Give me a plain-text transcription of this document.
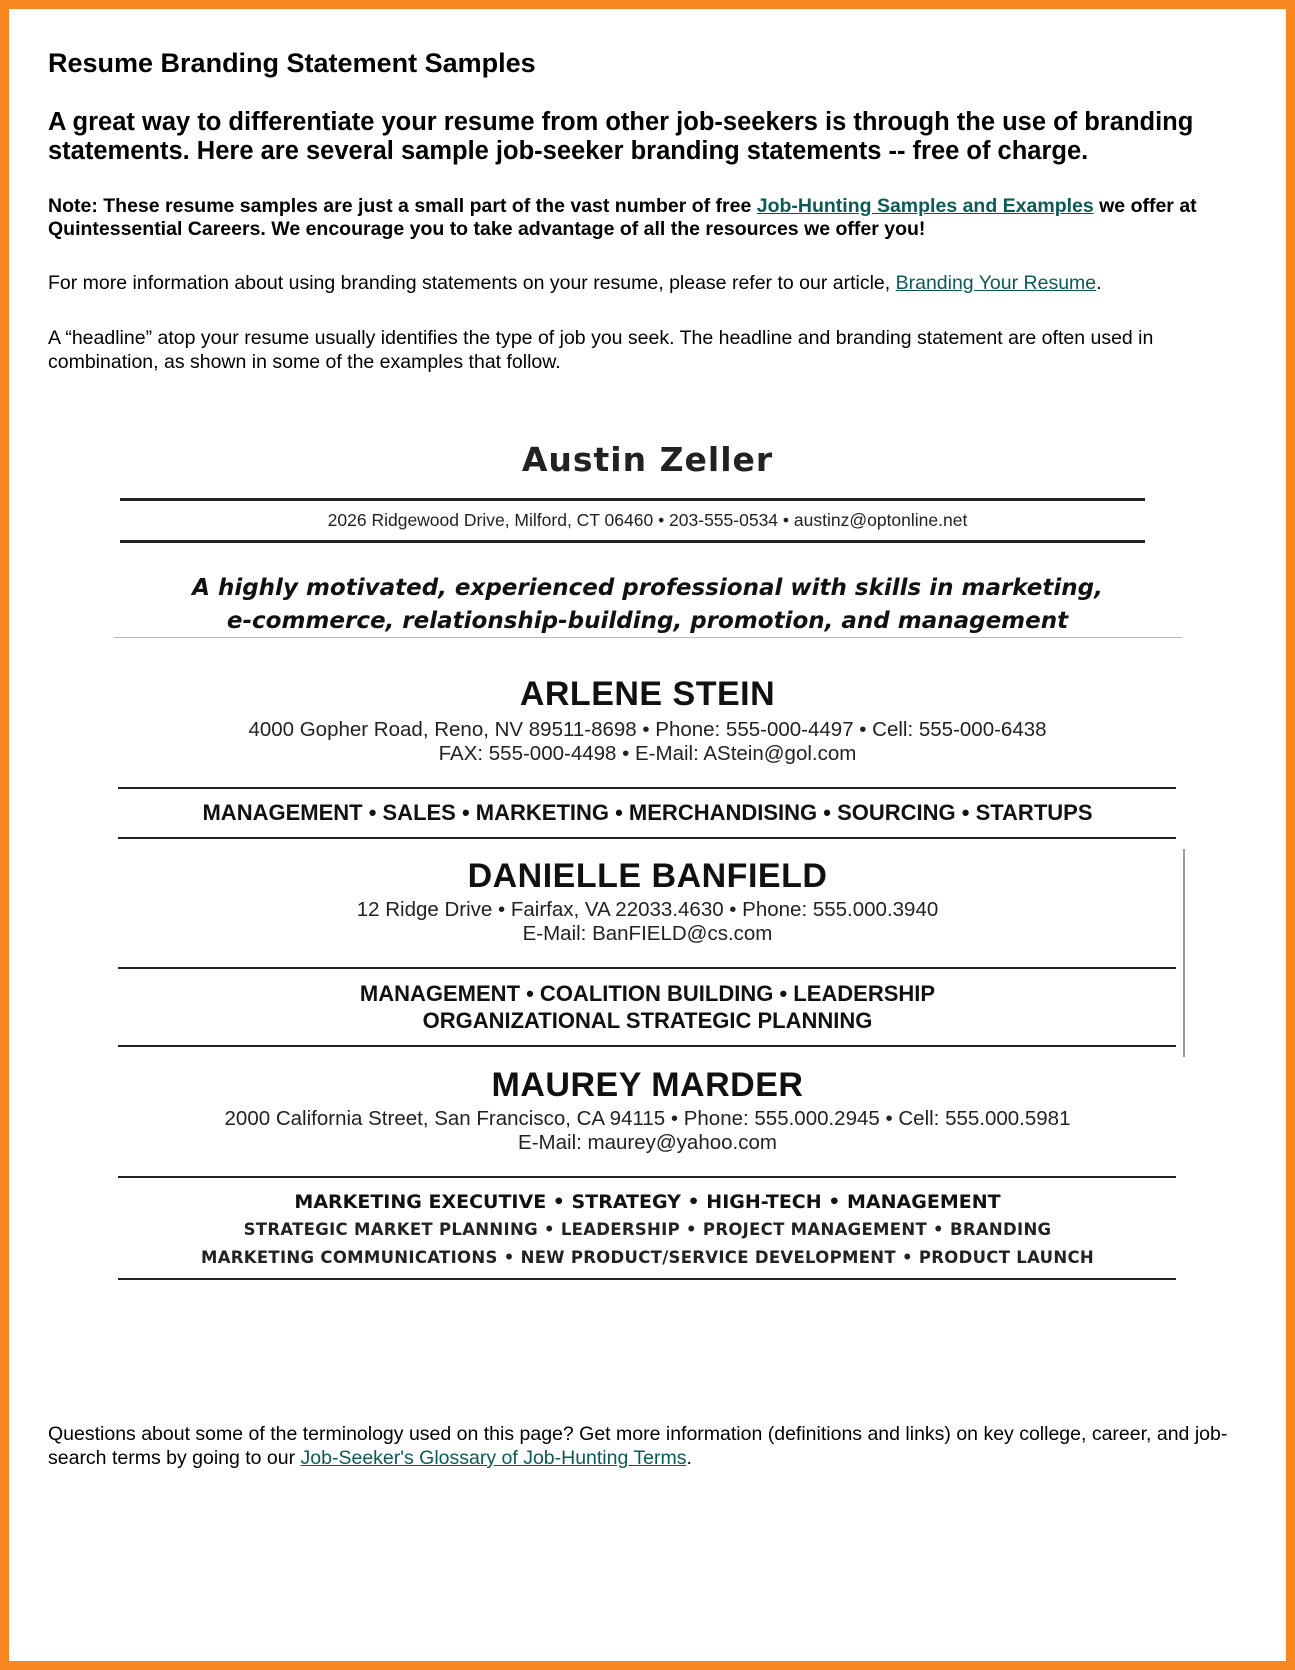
Resume Branding Statement Samples
A great way to differentiate your resume from other job-seekers is through the use of branding statements. Here are several sample job-seeker branding statements -- free of charge.
Note: These resume samples are just a small part of the vast number of free Job-Hunting Samples and Examples we offer at Quintessential Careers. We encourage you to take advantage of all the resources we offer you!
For more information about using branding statements on your resume, please refer to our article, Branding Your Resume.
A “headline” atop your resume usually identifies the type of job you seek. The headline and branding statement are often used in combination, as shown in some of the examples that follow.
Questions about some of the terminology used on this page? Get more information (definitions and links) on key college, career, and job-search terms by going to our Job-Seeker's Glossary of Job-Hunting Terms.
Austin Zeller
2026 Ridgewood Drive, Milford, CT 06460 • 203-555-0534 • austinz@optonline.net
A highly motivated, experienced professional with skills in marketing,
e-commerce, relationship-building, promotion, and management
ARLENE STEIN
4000 Gopher Road, Reno, NV 89511-8698 • Phone: 555-000-4497 • Cell: 555-000-6438
FAX: 555-000-4498 • E-Mail: AStein@gol.com
MANAGEMENT • SALES • MARKETING • MERCHANDISING • SOURCING • STARTUPS
DANIELLE BANFIELD
12 Ridge Drive • Fairfax, VA 22033.4630 • Phone: 555.000.3940
E-Mail: BanFIELD@cs.com
MANAGEMENT • COALITION BUILDING • LEADERSHIP
ORGANIZATIONAL STRATEGIC PLANNING
MAUREY MARDER
2000 California Street, San Francisco, CA 94115 • Phone: 555.000.2945 • Cell: 555.000.5981
E-Mail: maurey@yahoo.com
MARKETING EXECUTIVE • STRATEGY • HIGH-TECH • MANAGEMENT
STRATEGIC MARKET PLANNING • LEADERSHIP • PROJECT MANAGEMENT • BRANDING
MARKETING COMMUNICATIONS • NEW PRODUCT/SERVICE DEVELOPMENT • PRODUCT LAUNCH
